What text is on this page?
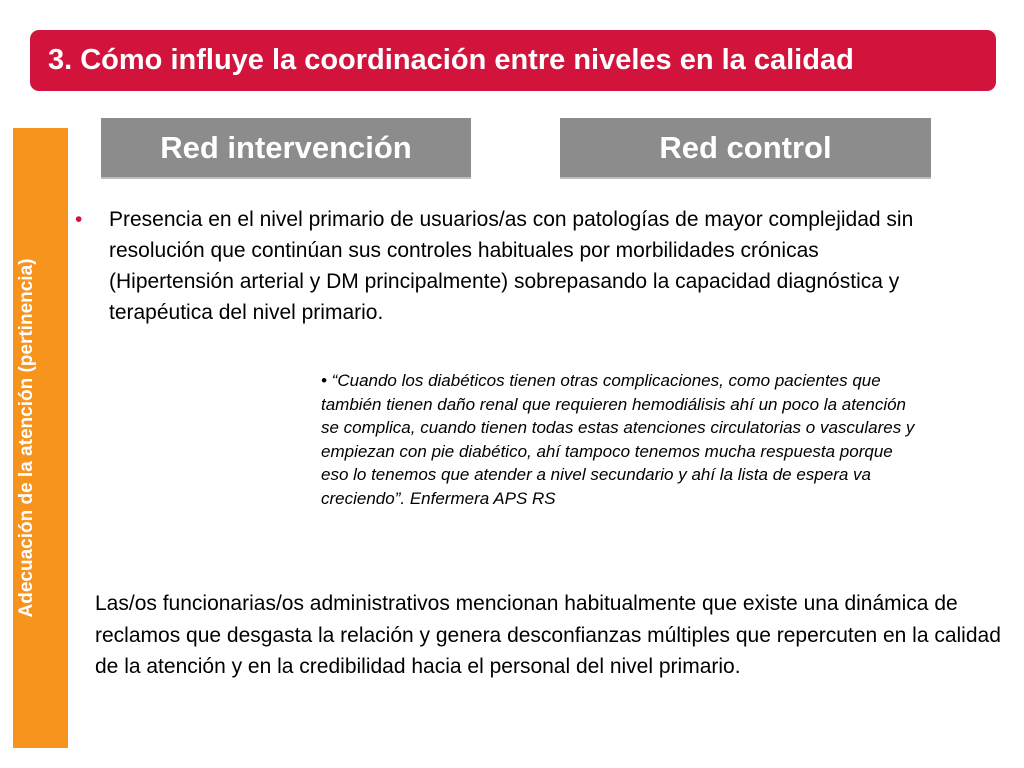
3. Cómo influye la coordinación entre niveles en la calidad
Adecuación de la atención (pertinencia)
Red intervención	Red control
• Presencia en el nivel primario de usuarios/as con patologías de mayor complejidad sin resolución que continúan sus controles habituales por morbilidades crónicas (Hipertensión arterial y DM principalmente) sobrepasando la capacidad diagnóstica y terapéutica del nivel primario.
• “Cuando los diabéticos tienen otras complicaciones, como pacientes que también tienen daño renal que requieren hemodiálisis ahí un poco la atención se complica, cuando tienen todas estas atenciones circulatorias o vasculares y empiezan con pie diabético, ahí tampoco tenemos mucha respuesta porque eso lo tenemos que atender a nivel secundario y ahí la lista de espera va creciendo”. Enfermera APS RS
Las/os funcionarias/os administrativos mencionan habitualmente que existe una dinámica de reclamos que desgasta la relación y genera desconfianzas múltiples que repercuten en la calidad de la atención y en la credibilidad hacia el personal del nivel primario.
